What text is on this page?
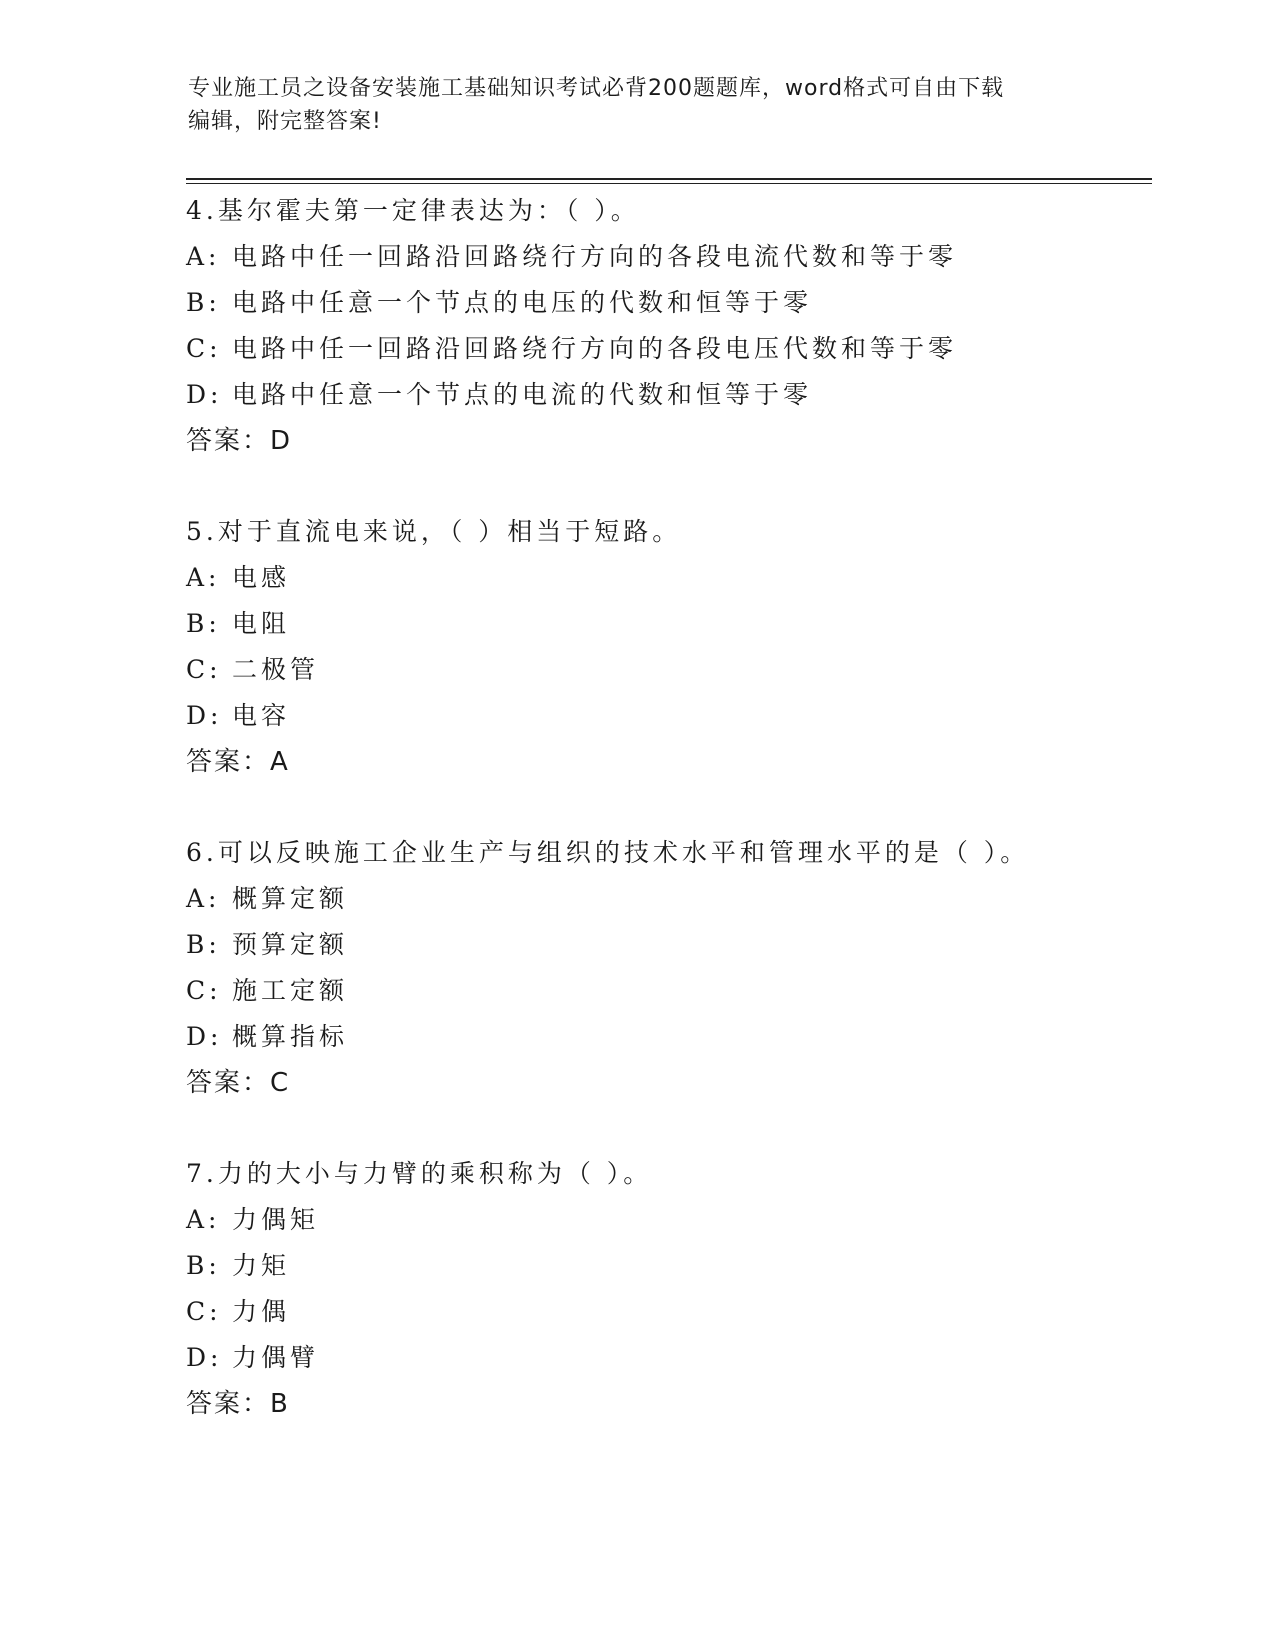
专业施工员之设备安装施工基础知识考试必背200题题库，word格式可自由下载
编辑，附完整答案!
4.基尔霍夫第一定律表达为：（ ）。
A: 电路中任一回路沿回路绕行方向的各段电流代数和等于零
B: 电路中任意一个节点的电压的代数和恒等于零
C: 电路中任一回路沿回路绕行方向的各段电压代数和等于零
D: 电路中任意一个节点的电流的代数和恒等于零
答案：D
5.对于直流电来说，（ ）相当于短路。
A: 电感
B: 电阻
C: 二极管
D: 电容
答案：A
6.可以反映施工企业生产与组织的技术水平和管理水平的是（ ）。
A: 概算定额
B: 预算定额
C: 施工定额
D: 概算指标
答案：C
7.力的大小与力臂的乘积称为（ ）。
A: 力偶矩
B: 力矩
C: 力偶
D: 力偶臂
答案：B
